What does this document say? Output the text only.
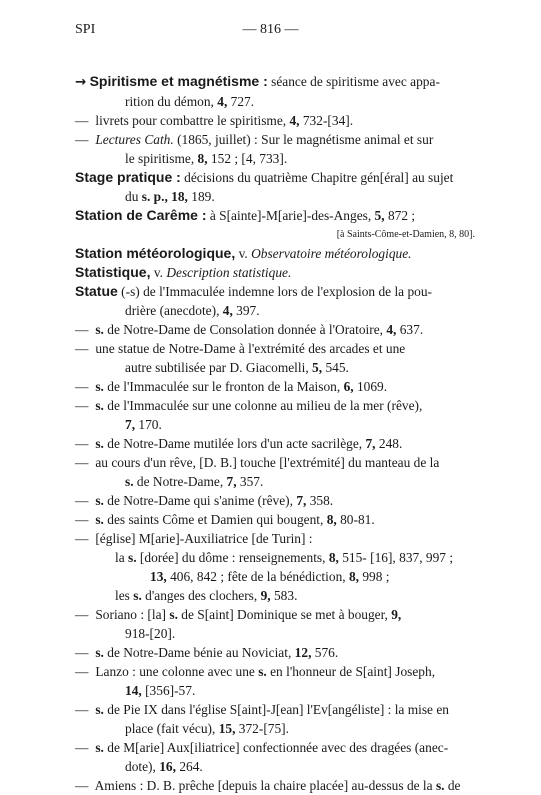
SPI	— 816 —
→ Spiritisme et magnétisme : séance de spiritisme avec appa-
rition du démon, 4, 727.
— livrets pour combattre le spiritisme, 4, 732-[34].
— Lectures Cath. (1865, juillet) : Sur le magnétisme animal et sur
le spiritisme, 8, 152 ; [4, 733].
Stage pratique : décisions du quatrième Chapitre gén[éral] au sujet
du s. p., 18, 189.
Station de Carême : à S[ainte]-M[arie]-des-Anges, 5, 872 ;
[à Saints-Côme-et-Damien, 8, 80].
Station météorologique, v. Observatoire météorologique.
Statistique, v. Description statistique.
Statue (-s) de l'Immaculée indemne lors de l'explosion de la pou-
drière (anecdote), 4, 397.
— s. de Notre-Dame de Consolation donnée à l'Oratoire, 4, 637.
— une statue de Notre-Dame à l'extrémité des arcades et une
autre subtilisée par D. Giacomelli, 5, 545.
— s. de l'Immaculée sur le fronton de la Maison, 6, 1069.
— s. de l'Immaculée sur une colonne au milieu de la mer (rêve),
7, 170.
— s. de Notre-Dame mutilée lors d'un acte sacrilège, 7, 248.
— au cours d'un rêve, [D. B.] touche [l'extrémité] du manteau de la
s. de Notre-Dame, 7, 357.
— s. de Notre-Dame qui s'anime (rêve), 7, 358.
— s. des saints Côme et Damien qui bougent, 8, 80-81.
— [église] M[arie]-Auxiliatrice [de Turin] :
la s. [dorée] du dôme : renseignements, 8, 515- [16], 837, 997 ;
13, 406, 842 ; fête de la bénédiction, 8, 998 ;
les s. d'anges des clochers, 9, 583.
— Soriano : [la] s. de S[aint] Dominique se met à bouger, 9,
918-[20].
— s. de Notre-Dame bénie au Noviciat, 12, 576.
— Lanzo : une colonne avec une s. en l'honneur de S[aint] Joseph,
14, [356]-57.
— s. de Pie IX dans l'église S[aint]-J[ean] l'Ev[angéliste] : la mise en
place (fait vécu), 15, 372-[75].
— s. de M[arie] Aux[iliatrice] confectionnée avec des dragées (anec-
dote), 16, 264.
— Amiens : D. B. prêche [depuis la chaire placée] au-dessus de la s. de
